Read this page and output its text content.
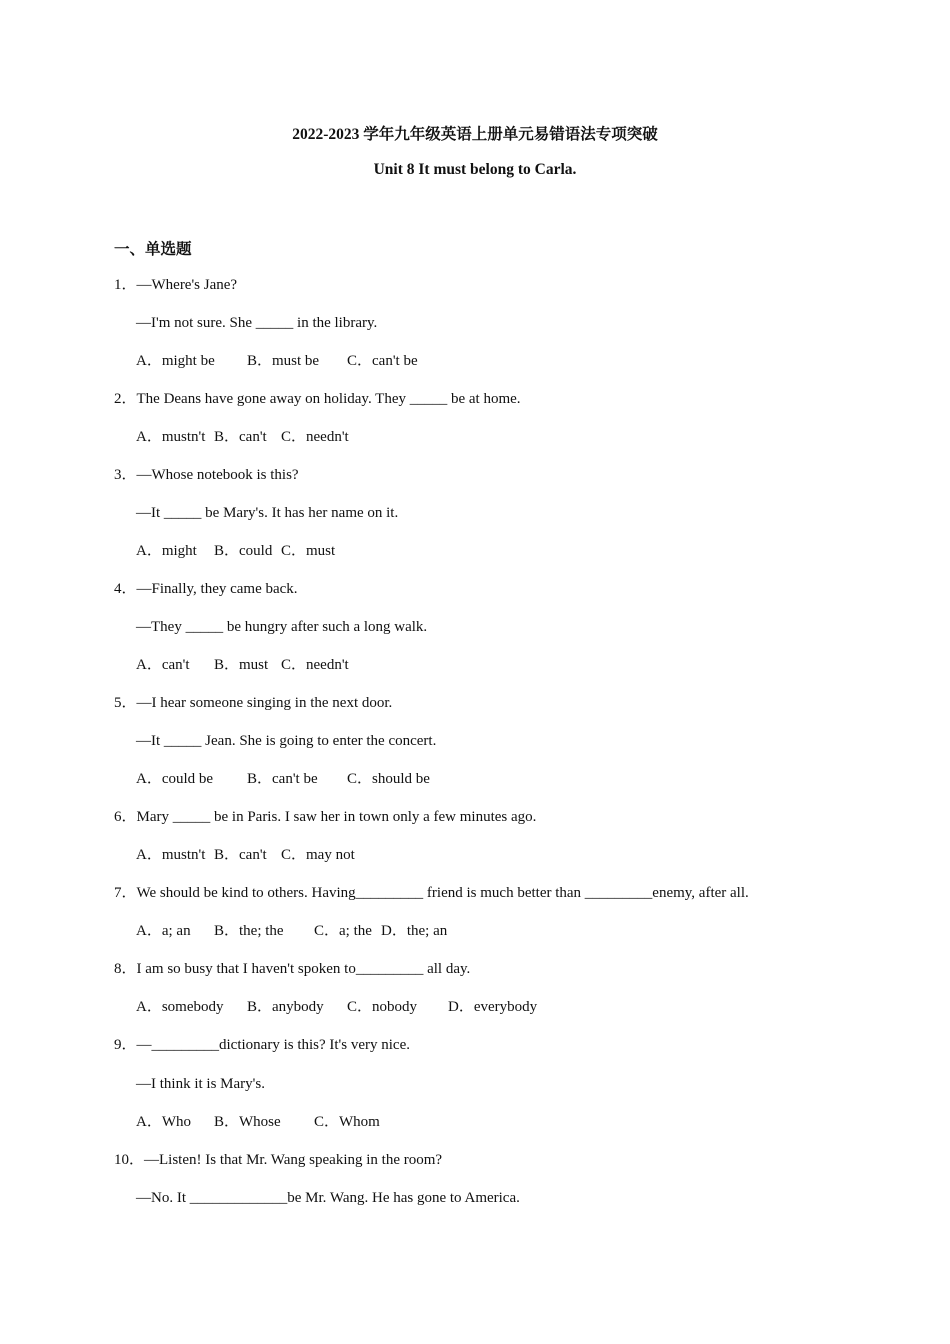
2022-2023 学年九年级英语上册单元易错语法专项突破
Unit 8 It must belong to Carla.
一、单选题
1．—Where's Jane?
—I'm not sure. She _____ in the library.
A．might be B．must be C．can't be
2．The Deans have gone away on holiday. They _____ be at home.
A．mustn't B．can't C．needn't
3．—Whose notebook is this?
—It _____ be Mary's. It has her name on it.
A．might B．could C．must
4．—Finally, they came back.
—They _____ be hungry after such a long walk.
A．can't B．must C．needn't
5．—I hear someone singing in the next door.
—It _____ Jean. She is going to enter the concert.
A．could be B．can't be C．should be
6．Mary _____ be in Paris. I saw her in town only a few minutes ago.
A．mustn't B．can't C．may not
7．We should be kind to others. Having_________ friend is much better than _________enemy, after all.
A．a; an B．the; the C．a; the D．the; an
8．I am so busy that I haven't spoken to_________ all day.
A．somebody B．anybody C．nobody D．everybody
9．—_________dictionary is this? It's very nice.
—I think it is Mary's.
A．Who B．Whose C．Whom
10．—Listen! Is that Mr. Wang speaking in the room?
—No. It _____________be Mr. Wang. He has gone to America.
